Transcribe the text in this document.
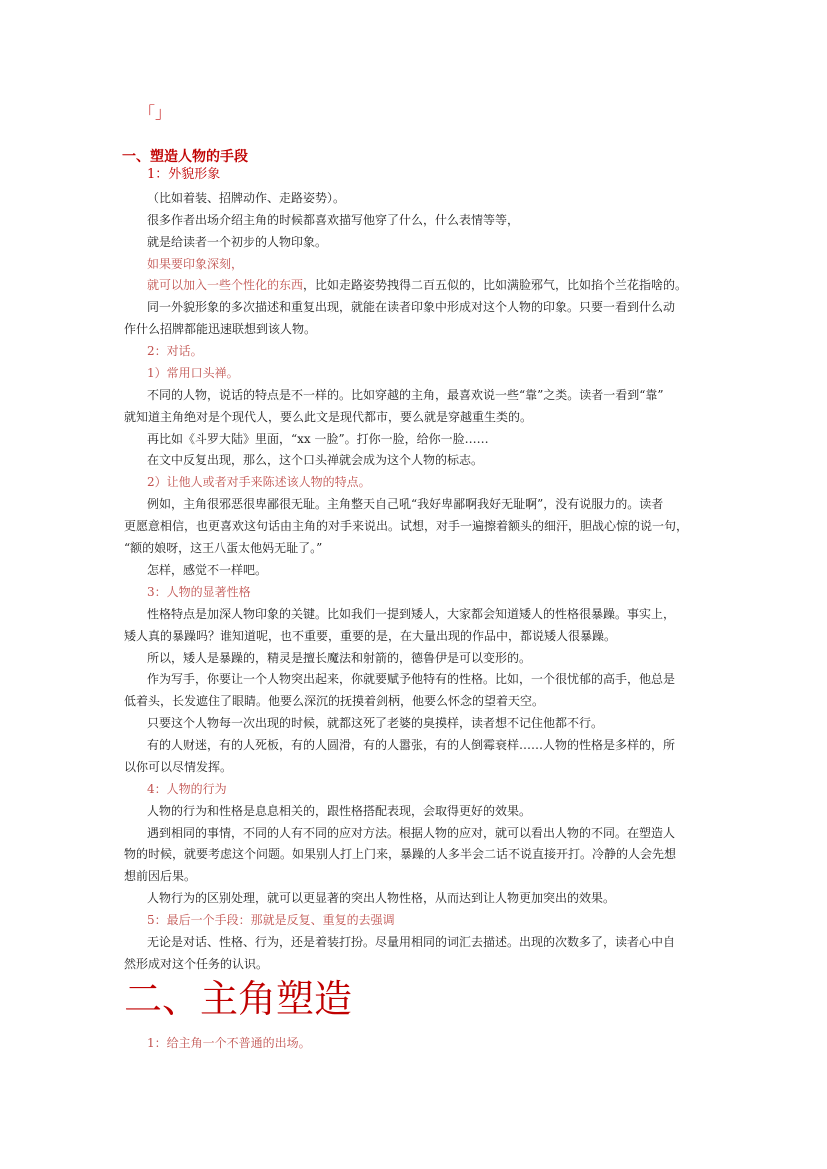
「」
一、塑造人物的手段
1：外貌形象
（比如着装、招牌动作、走路姿势）。
很多作者出场介绍主角的时候都喜欢描写他穿了什么，什么表情等等，
就是给读者一个初步的人物印象。
如果要印象深刻，
就可以加入一些个性化的东西，比如走路姿势拽得二百五似的，比如满脸邪气，比如掐个兰花指啥的。
同一外貌形象的多次描述和重复出现，就能在读者印象中形成对这个人物的印象。只要一看到什么动
作什么招牌都能迅速联想到该人物。
2：对话。
1）常用口头禅。
不同的人物，说话的特点是不一样的。比如穿越的主角，最喜欢说一些“靠”之类。读者一看到“靠”
就知道主角绝对是个现代人，要么此文是现代都市，要么就是穿越重生类的。
再比如《斗罗大陆》里面，“xx 一脸”。打你一脸，给你一脸……
在文中反复出现，那么，这个口头禅就会成为这个人物的标志。
2）让他人或者对手来陈述该人物的特点。
例如，主角很邪恶很卑鄙很无耻。主角整天自己吼“我好卑鄙啊我好无耻啊”，没有说服力的。读者
更愿意相信，也更喜欢这句话由主角的对手来说出。试想，对手一遍擦着额头的细汗，胆战心惊的说一句，
“额的娘呀，这王八蛋太他妈无耻了。”
怎样，感觉不一样吧。
3：人物的显著性格
性格特点是加深人物印象的关键。比如我们一提到矮人，大家都会知道矮人的性格很暴躁。事实上，
矮人真的暴躁吗？谁知道呢，也不重要，重要的是，在大量出现的作品中，都说矮人很暴躁。
所以，矮人是暴躁的，精灵是擅长魔法和射箭的，德鲁伊是可以变形的。
作为写手，你要让一个人物突出起来，你就要赋予他特有的性格。比如，一个很忧郁的高手，他总是
低着头，长发遮住了眼睛。他要么深沉的抚摸着剑柄，他要么怀念的望着天空。
只要这个人物每一次出现的时候，就都这死了老婆的臭摸样，读者想不记住他都不行。
有的人财迷，有的人死板，有的人圆滑，有的人嚣张，有的人倒霉衰样……人物的性格是多样的，所
以你可以尽情发挥。
4：人物的行为
人物的行为和性格是息息相关的，跟性格搭配表现，会取得更好的效果。
遇到相同的事情，不同的人有不同的应对方法。根据人物的应对，就可以看出人物的不同。在塑造人
物的时候，就要考虑这个问题。如果别人打上门来，暴躁的人多半会二话不说直接开打。冷静的人会先想
想前因后果。
人物行为的区别处理，就可以更显著的突出人物性格，从而达到让人物更加突出的效果。
5：最后一个手段：那就是反复、重复的去强调
无论是对话、性格、行为，还是着装打扮。尽量用相同的词汇去描述。出现的次数多了，读者心中自
然形成对这个任务的认识。
二、主角塑造
1：给主角一个不普通的出场。
